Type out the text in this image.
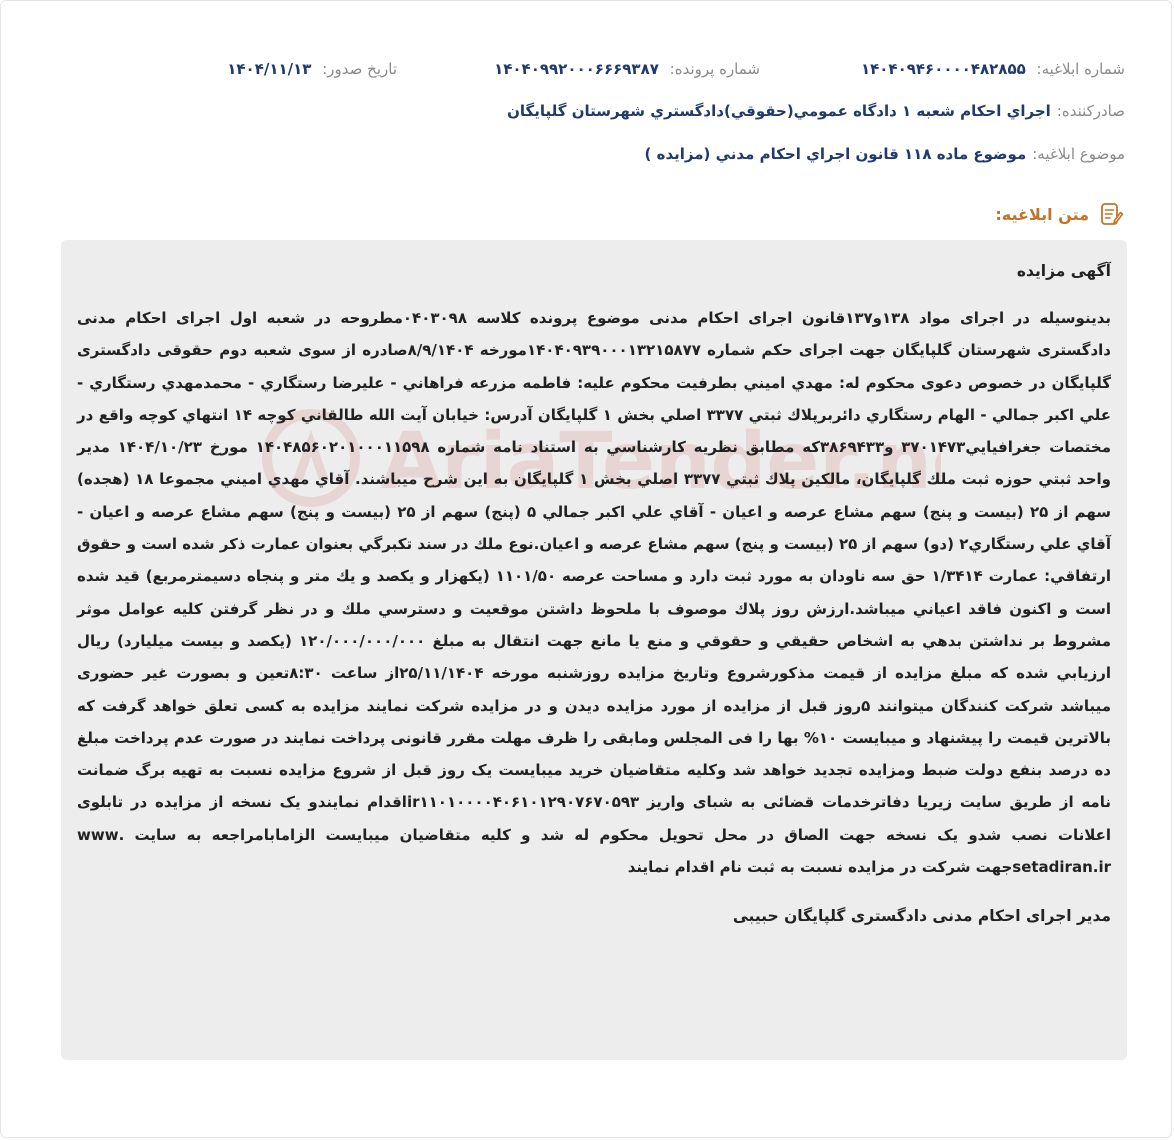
شماره ابلاغيه: ۱۴۰۴۰۹۴۶۰۰۰۰۴۸۲۸۵۵
شماره پرونده: ۱۴۰۴۰۹۹۲۰۰۰۶۶۶۹۳۸۷
تاريخ صدور: ۱۴۰۴/۱۱/۱۳
صادرکننده:
اجراي احکام شعبه ۱ دادگاه عمومي(حقوقي)دادگستري شهرستان گلپايگان
موضوع ابلاغيه:
موضوع ماده ۱۱۸ قانون اجراي احکام مدني (مزايده )
متن ابلاغيه:
AriaTender.n

آگهی مزایده

بدینوسیله در اجرای مواد ۱۳۸و۱۳۷قانون اجرای احکام مدنی موضوع پرونده کلاسه ۰۴۰۳۰۹۸مطروحه در شعبه اول اجرای احکام مدنی دادگستری شهرستان گلپایگان جهت اجرای حکم شماره ۱۴۰۴۰۹۳۹۰۰۰۱۳۲۱۵۸۷۷مورخه ۸/۹/۱۴۰۴صادره از سوی شعبه دوم حقوقی دادگستری گلپایگان در خصوص دعوی محکوم له: مهدي اميني بطرفيت محکوم عليه: فاطمه مزرعه فراهاني - عليرضا رستگاري - محمدمهدي رستگاري - علي اکبر جمالي - الهام رستگاري دائربرپلاك ثبتي ۳۳۷۷ اصلي بخش ۱ گلپايگان آدرس: خيابان آيت الله طالقاني کوچه ۱۴ انتهاي کوچه واقع در مختصات جغرافيايي۳۷۰۱۴۷۳ و۳۸۶۹۴۳۳که مطابق نظريه کارشناسي به استناد نامه شماره ۱۴۰۴۸۵۶۰۲۰۱۰۰۰۱۱۵۹۸ مورخ ۱۴۰۴/۱۰/۲۳ مدير واحد ثبتي حوزه ثبت ملك گلپايگان، مالکين پلاك ثبتي ۳۳۷۷ اصلي بخش ۱ گلپايگان به اين شرح ميباشند. آقاي مهدي اميني مجموعا ۱۸ (هجده) سهم از ۲۵ (بيست و پنج) سهم مشاع عرصه و اعيان - آقاي علي اکبر جمالي ۵ (پنج) سهم از ۲۵ (بيست و پنج) سهم مشاع عرصه و اعيان - آقاي علي رستگاري۲ (دو) سهم از ۲۵ (بيست و پنج) سهم مشاع عرصه و اعيان.نوع ملك در سند تکبرگي بعنوان عمارت ذکر شده است و حقوق ارتفاقي: عمارت ۱/۳۴۱۴ حق سه ناودان به مورد ثبت دارد و مساحت عرصه ۱۱۰۱/۵۰ (يکهزار و يکصد و يك متر و پنجاه دسيمترمربع) قيد شده است و اکنون فاقد اعياني ميباشد.ارزش روز پلاك موصوف با ملحوظ داشتن موقعيت و دسترسي ملك و در نظر گرفتن کليه عوامل موثر مشروط بر نداشتن بدهي به اشخاص حقيقي و حقوقي و منع يا مانع جهت انتقال به مبلغ ۱۲۰/۰۰۰/۰۰۰/۰۰۰ (يکصد و بيست ميليارد) ريال ارزيابي شده که مبلغ مزایده از قیمت مذکورشروع وتاریخ مزایده روزشنبه مورخه ۲۵/۱۱/۱۴۰۴از ساعت ۸:۳۰تعین و بصورت غیر حضوری میباشد شرکت کنندگان میتوانند ۵روز قبل از مزایده از مورد مزایده دیدن و در مزایده شرکت نمایند مزایده به کسی تعلق خواهد گرفت که بالاترین قیمت را پیشنهاد و میبایست ۱۰% بها را فی المجلس ومابقی را ظرف مهلت مقرر قانونی پرداخت نمایند در صورت عدم پرداخت مبلغ ده درصد بنفع دولت ضبط ومزایده تجدید خواهد شد وکلیه متقاضیان خرید میبایست یک روز قبل از شروع مزایده نسبت به تهیه برگ ضمانت نامه از طریق سایت زیریا دفاترخدمات قضائی به شبای واریز ir۱۱۰۱۰۰۰۰۴۰۶۱۰۱۲۹۰۷۶۷۰۵۹۳اقدام نمایندو یک نسخه از مزایده در تابلوی اعلانات نصب شدو یک نسخه جهت الصاق در محل تحویل محکوم له شد و کلیه متقاضیان میبایست الزامابامراجعه به سایت .www setadiran.irجهت شرکت در مزایده نسبت به ثبت نام اقدام نمایند

مدیر اجرای احکام مدنی دادگستری گلپایگان حبیبی
